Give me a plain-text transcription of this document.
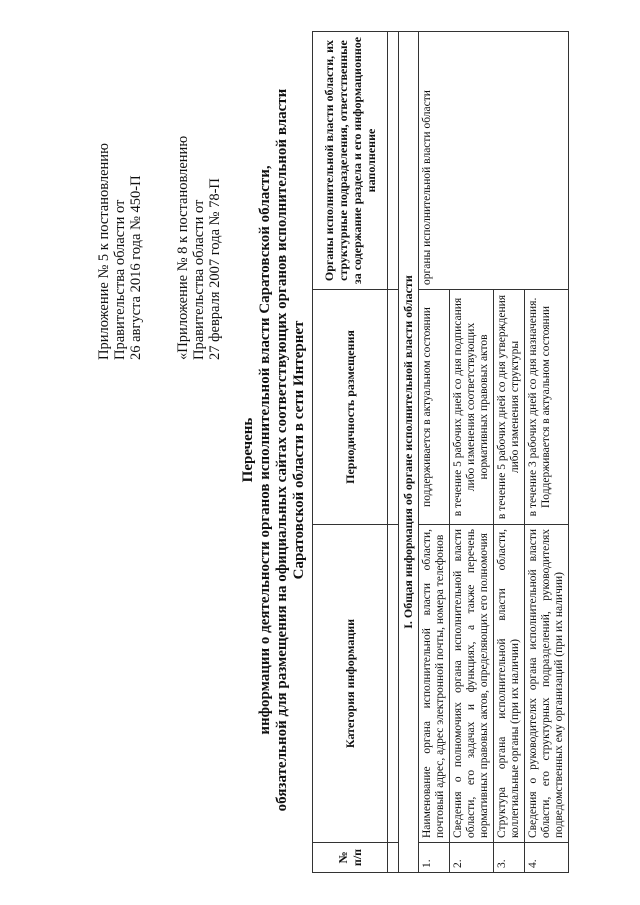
Приложение № 5 к постановлению Правительства области от 26 августа 2016 года № 450-П «Приложение № 8 к постановлению Правительства области от 27 февраля 2007 года № 78-П
Перечень информации о деятельности органов исполнительной власти Саратовской области, обязательной для размещения на официальных сайтах соответствующих органов исполнительной власти Саратовской области в сети Интернет
№ п/п	Категория информации	Периодичность размещения	Органы исполнительной власти области, их структурные подразделения, ответственные за содержание раздела и его информационное наполнение

I. Общая информация об органе исполнительной власти области			
1.	Наименование органа исполнительной власти области, почтовый адрес, адрес электронной почты, номера телефонов	поддерживается в актуальном состоянии	органы исполнительной власти области
2.	Сведения о полномочиях органа исполнительной власти области, его задачах и функциях, а также перечень нормативных правовых актов, определяющих его полномочия	в течение 5 рабочих дней со дня подписания либо изменения соответствующих нормативных правовых актов	
3.	Структура органа исполнительной власти области, коллегиальные органы (при их наличии)	в течение 5 рабочих дней со дня утверждения либо изменения структуры	
4.	Сведения о руководителях органа исполнительной власти области, его структурных подразделений, руководителях подведомственных ему организаций (при их наличии)	в течение 3 рабочих дней со дня назначения. Поддерживается в актуальном состоянии	
